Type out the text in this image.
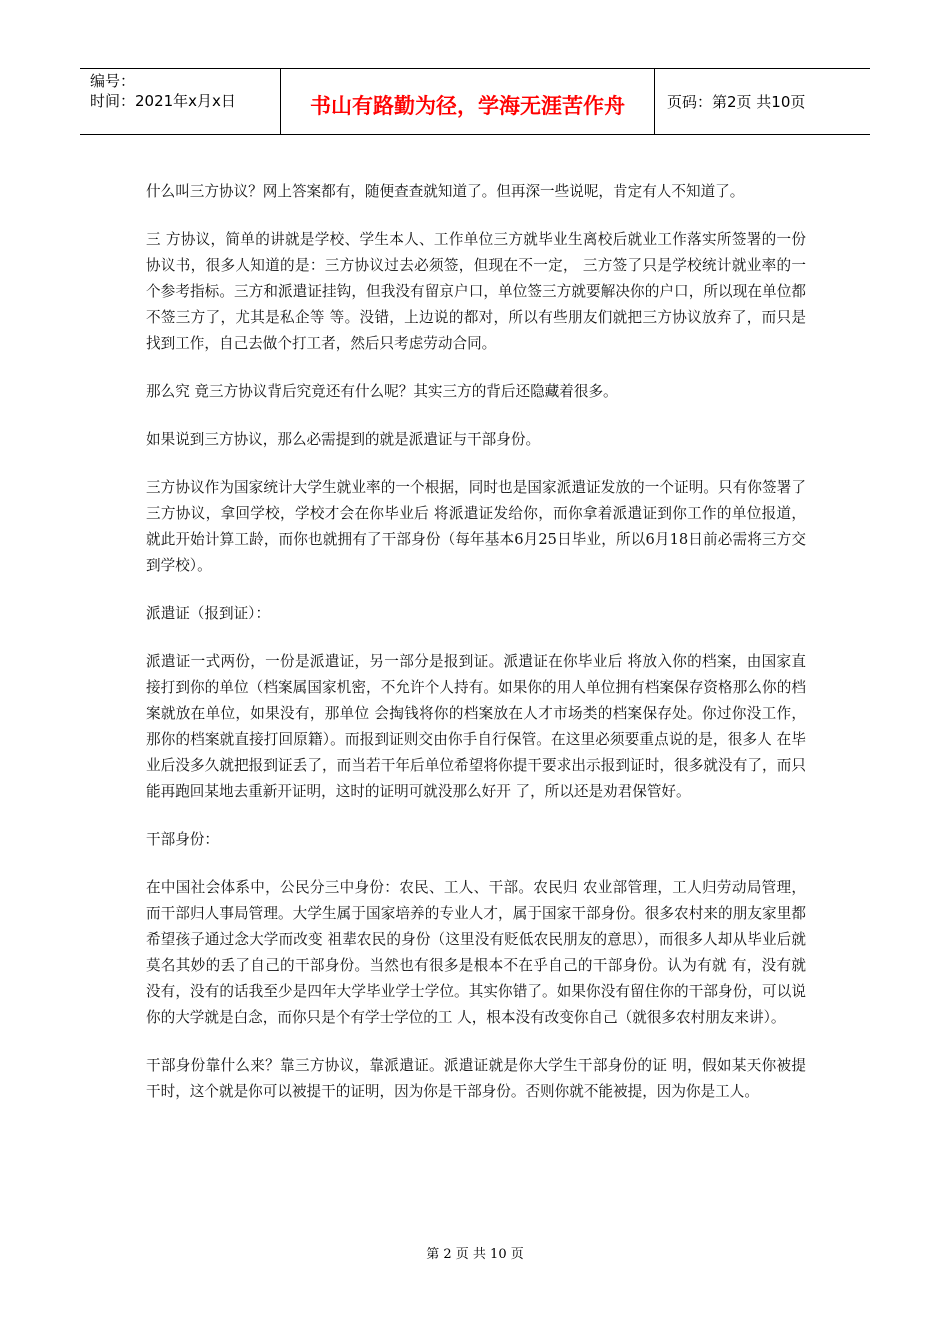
编号：
时间：2021年x月x日	书山有路勤为径，学海无涯苦作舟	页码：第2页 共10页

什么叫三方协议？网上答案都有，随便查查就知道了。但再深一些说呢，肯定有人不知道了。

三 方协议，简单的讲就是学校、学生本人、工作单位三方就毕业生离校后就业工作落实所签署的一份协议书，很多人知道的是：三方协议过去必须签，但现在不一定， 三方签了只是学校统计就业率的一个参考指标。三方和派遣证挂钩，但我没有留京户口，单位签三方就要解决你的户口，所以现在单位都不签三方了，尤其是私企等 等。没错，上边说的都对，所以有些朋友们就把三方协议放弃了，而只是找到工作，自己去做个打工者，然后只考虑劳动合同。

那么究 竟三方协议背后究竟还有什么呢？其实三方的背后还隐藏着很多。

如果说到三方协议，那么必需提到的就是派遣证与干部身份。

三方协议作为国家统计大学生就业率的一个根据，同时也是国家派遣证发放的一个证明。只有你签署了三方协议，拿回学校，学校才会在你毕业后 将派遣证发给你，而你拿着派遣证到你工作的单位报道，就此开始计算工龄，而你也就拥有了干部身份（每年基本6月25日毕业，所以6月18日前必需将三方交 到学校）。

派遣证（报到证）：

派遣证一式两份，一份是派遣证，另一部分是报到证。派遣证在你毕业后 将放入你的档案，由国家直接打到你的单位（档案属国家机密，不允许个人持有。如果你的用人单位拥有档案保存资格那么你的档案就放在单位，如果没有，那单位 会掏钱将你的档案放在人才市场类的档案保存处。你过你没工作，那你的档案就直接打回原籍）。而报到证则交由你手自行保管。在这里必须要重点说的是，很多人 在毕业后没多久就把报到证丢了，而当若干年后单位希望将你提干要求出示报到证时，很多就没有了，而只能再跑回某地去重新开证明，这时的证明可就没那么好开 了，所以还是劝君保管好。

干部身份：

在中国社会体系中，公民分三中身份：农民、工人、干部。农民归 农业部管理，工人归劳动局管理，而干部归人事局管理。大学生属于国家培养的专业人才，属于国家干部身份。很多农村来的朋友家里都希望孩子通过念大学而改变 祖辈农民的身份（这里没有贬低农民朋友的意思），而很多人却从毕业后就莫名其妙的丢了自己的干部身份。当然也有很多是根本不在乎自己的干部身份。认为有就 有，没有就没有，没有的话我至少是四年大学毕业学士学位。其实你错了。如果你没有留住你的干部身份，可以说你的大学就是白念，而你只是个有学士学位的工 人，根本没有改变你自己（就很多农村朋友来讲）。

干部身份靠什么来？靠三方协议，靠派遣证。派遣证就是你大学生干部身份的证 明，假如某天你被提干时，这个就是你可以被提干的证明，因为你是干部身份。否则你就不能被提，因为你是工人。

第 2 页 共 10 页
